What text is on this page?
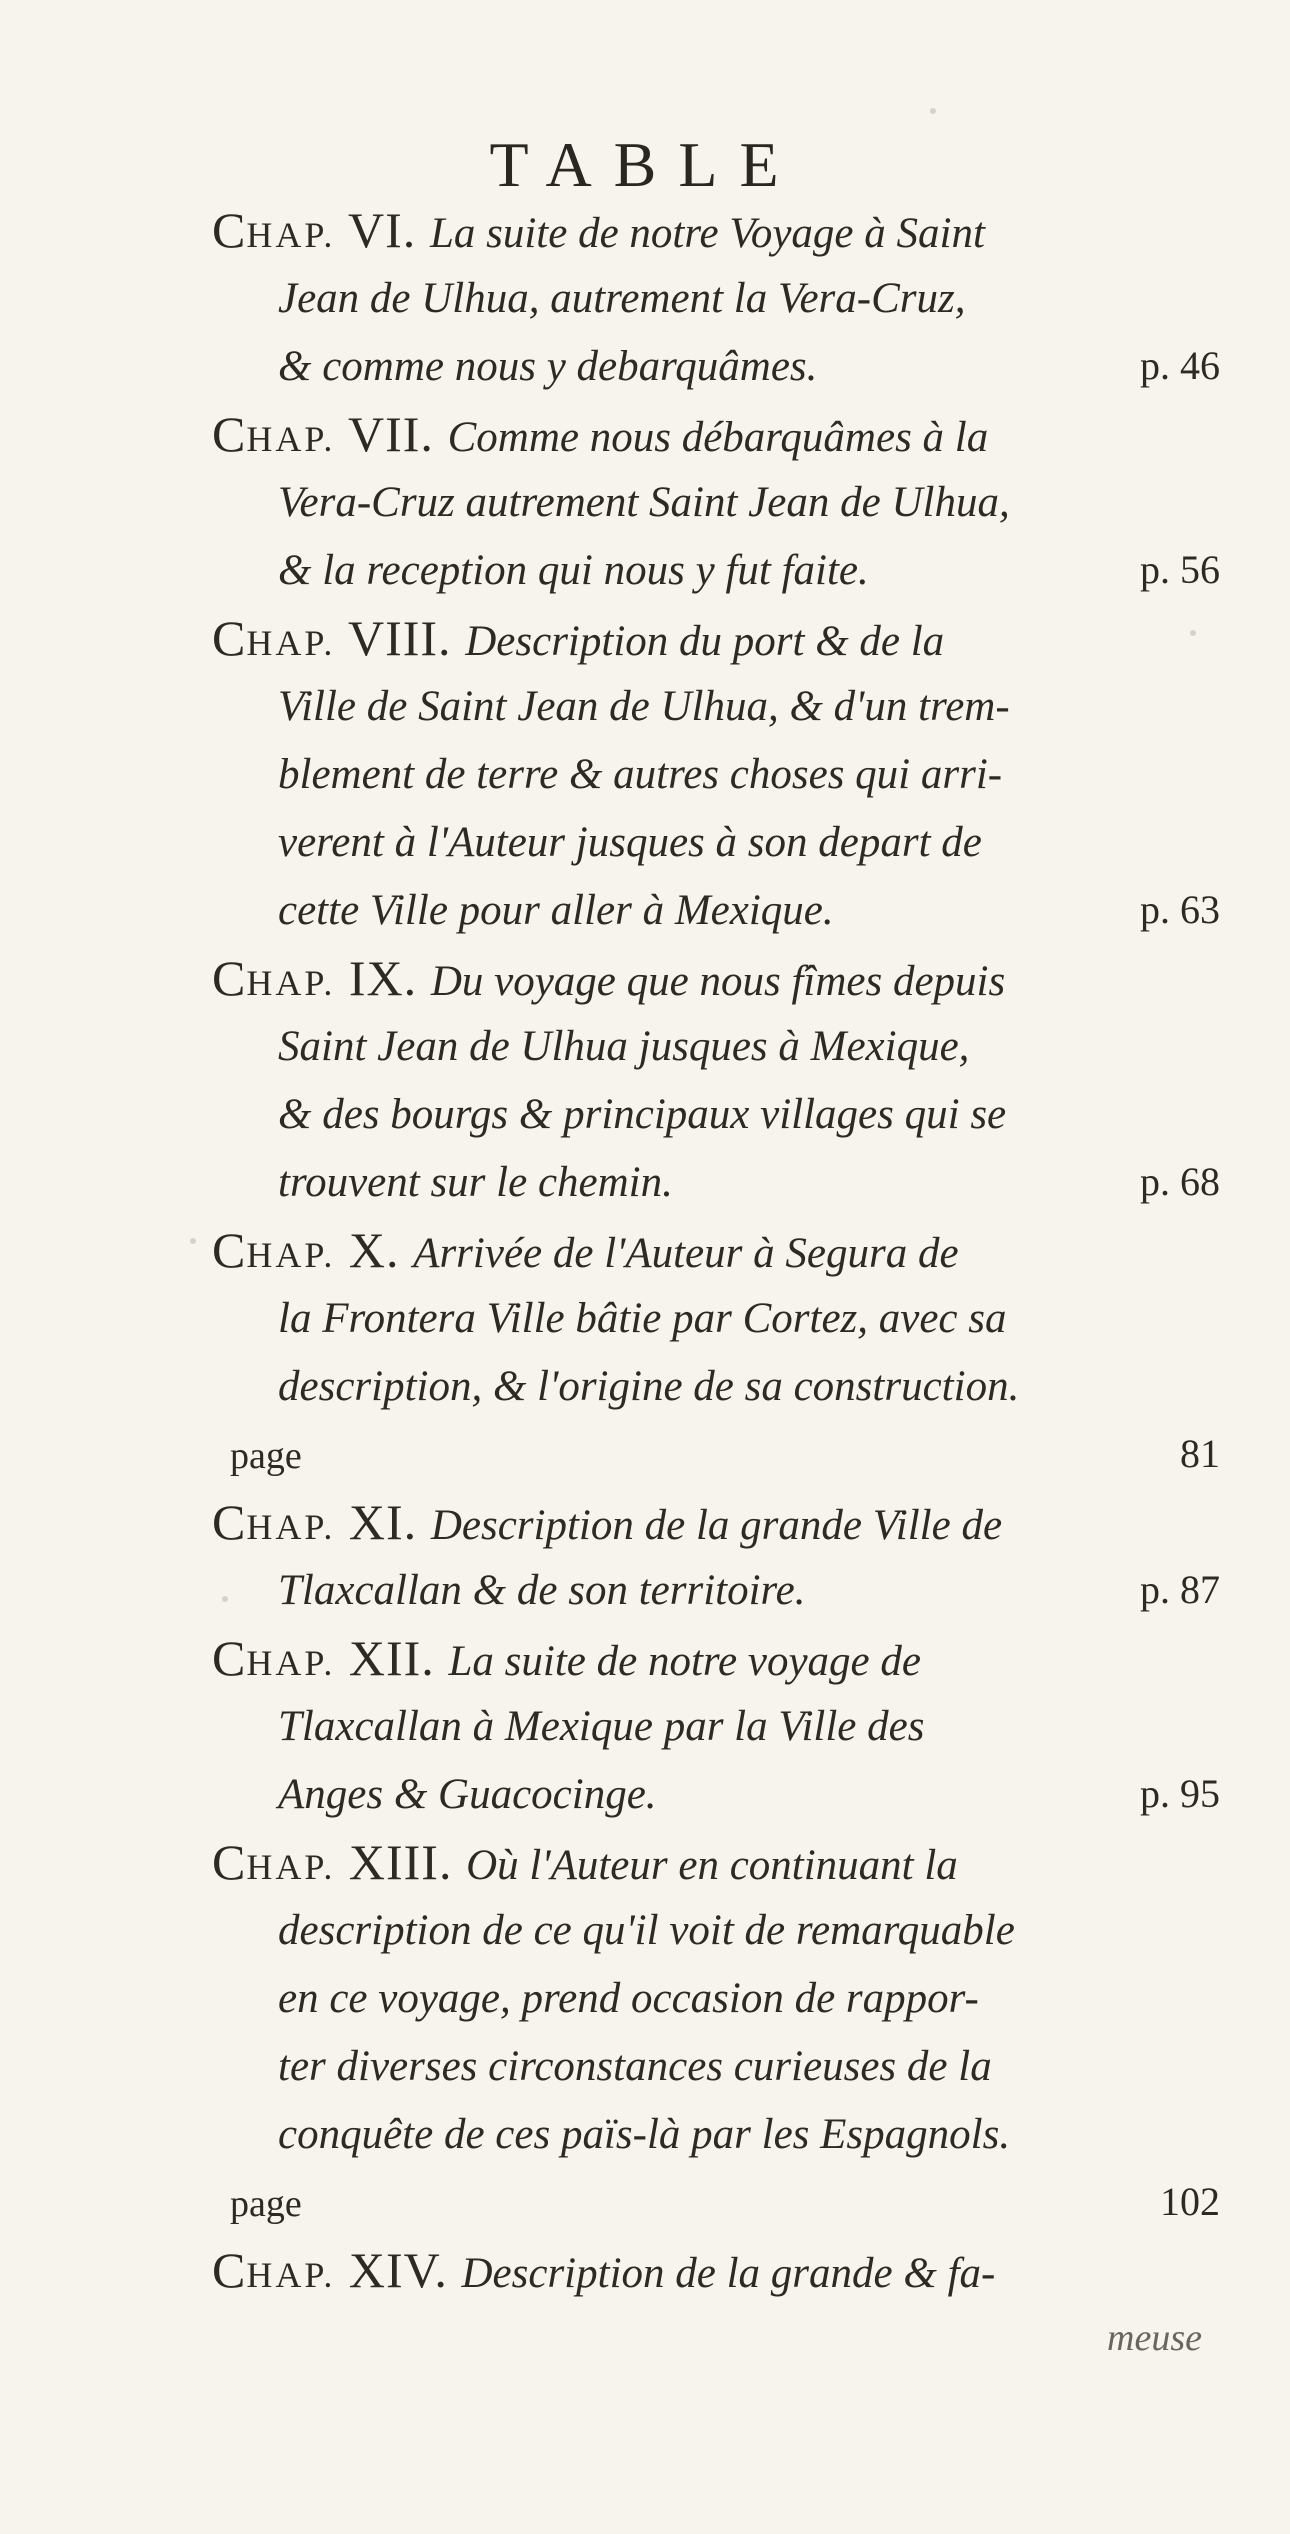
TABLE
CHAP. VI. La suite de notre Voyage à Saint
Jean de Ulhua, autrement la Vera-Cruz,
& comme nous y debarquâmes.	p. 46
CHAP. VII. Comme nous débarquâmes à la
Vera-Cruz autrement Saint Jean de Ulhua,
& la reception qui nous y fut faite.	p. 56
CHAP. VIII. Description du port & de la
Ville de Saint Jean de Ulhua, & d'un trem-
blement de terre & autres choses qui arri-
verent à l'Auteur jusques à son depart de
cette Ville pour aller à Mexique.	p. 63
CHAP. IX. Du voyage que nous fîmes depuis
Saint Jean de Ulhua jusques à Mexique,
& des bourgs & principaux villages qui se
trouvent sur le chemin.	p. 68
CHAP. X. Arrivée de l'Auteur à Segura de
la Frontera Ville bâtie par Cortez, avec sa
description, & l'origine de sa construction.
page	81
CHAP. XI. Description de la grande Ville de
Tlaxcallan & de son territoire.	p. 87
CHAP. XII. La suite de notre voyage de
Tlaxcallan à Mexique par la Ville des
Anges & Guacocinge.	p. 95
CHAP. XIII. Où l'Auteur en continuant la
description de ce qu'il voit de remarquable
en ce voyage, prend occasion de rappor-
ter diverses circonstances curieuses de la
conquête de ces païs-là par les Espagnols.
page	102
CHAP. XIV. Description de la grande & fa-
meuse
